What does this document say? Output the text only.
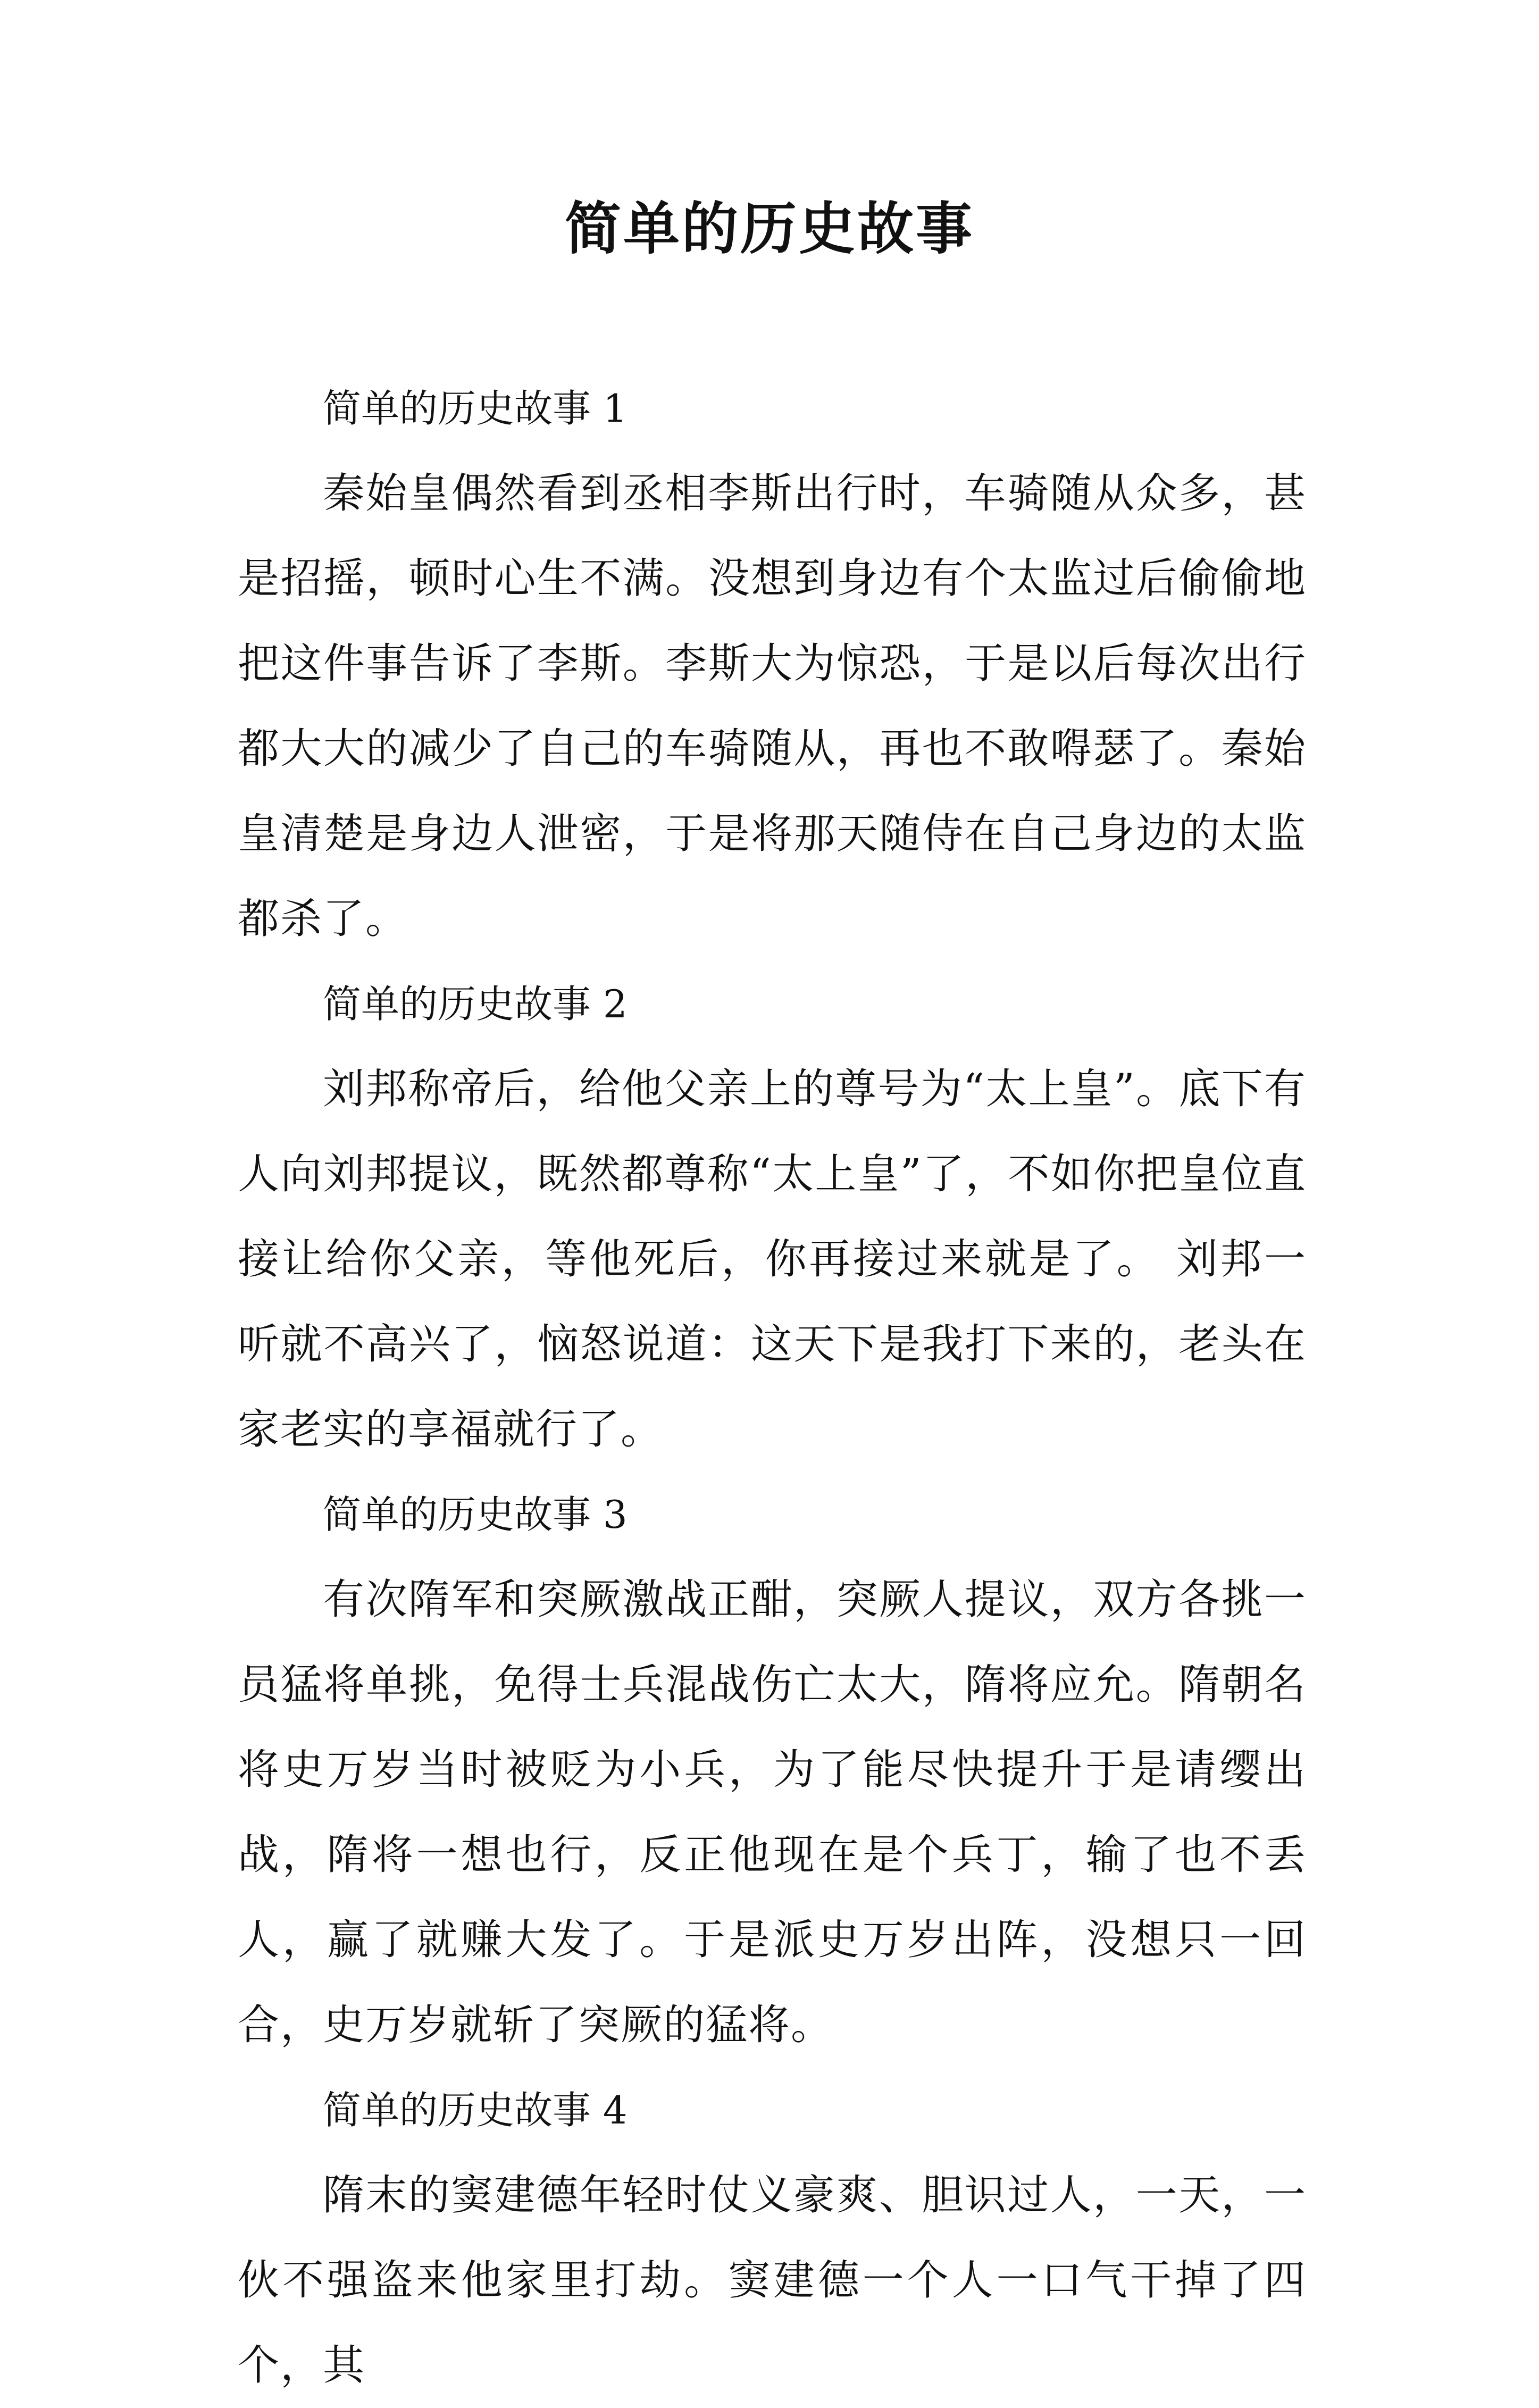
简单的历史故事

简单的历史故事 1

秦始皇偶然看到丞相李斯出行时，车骑随从众多，甚是招摇，顿时心生不满。没想到身边有个太监过后偷偷地把这件事告诉了李斯。李斯大为惊恐，于是以后每次出行都大大的减少了自己的车骑随从，再也不敢嘚瑟了。秦始皇清楚是身边人泄密，于是将那天随侍在自己身边的太监都杀了。

简单的历史故事 2

刘邦称帝后，给他父亲上的尊号为“太上皇”。底下有人向刘邦提议，既然都尊称“太上皇”了，不如你把皇位直接让给你父亲，等他死后，你再接过来就是了。 刘邦一听就不高兴了，恼怒说道：这天下是我打下来的，老头在家老实的享福就行了。

简单的历史故事 3

有次隋军和突厥激战正酣，突厥人提议，双方各挑一员猛将单挑，免得士兵混战伤亡太大，隋将应允。隋朝名将史万岁当时被贬为小兵，为了能尽快提升于是请缨出战，隋将一想也行，反正他现在是个兵丁，输了也不丢人，赢了就赚大发了。于是派史万岁出阵，没想只一回合，史万岁就斩了突厥的猛将。

简单的历史故事 4

隋末的窦建德年轻时仗义豪爽、胆识过人，一天，一伙不强盗来他家里打劫。窦建德一个人一口气干掉了四个，其
